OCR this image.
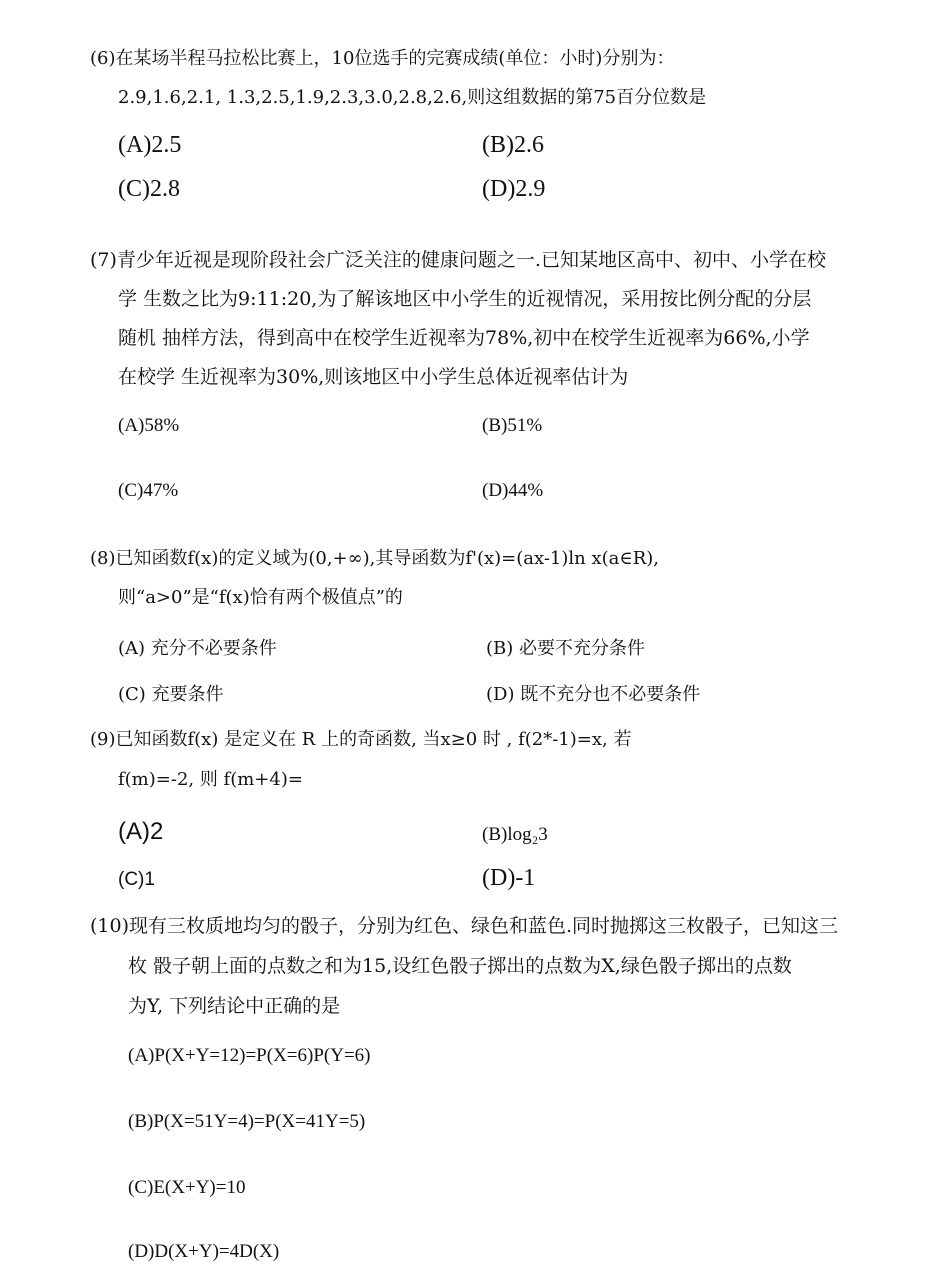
(6)在某场半程马拉松比赛上，10位选手的完赛成绩(单位：小时)分别为：
2.9,1.6,2.1, 1.3,2.5,1.9,2.3,3.0,2.8,2.6,则这组数据的第75百分位数是
(A)2.5	(B)2.6
(C)2.8	(D)2.9
(7)青少年近视是现阶段社会广泛关注的健康问题之一.已知某地区高中、初中、小学在校
学 生数之比为9:11:20,为了解该地区中小学生的近视情况，采用按比例分配的分层
随机 抽样方法，得到高中在校学生近视率为78%,初中在校学生近视率为66%,小学
在校学 生近视率为30%,则该地区中小学生总体近视率估计为
(A)58%	(B)51%
(C)47%	(D)44%
(8)已知函数f(x)的定义域为(0,+∞),其导函数为f'(x)=(ax-1)ln x(a∈R),
则“a>0”是“f(x)恰有两个极值点”的
(A) 充分不必要条件	(B) 必要不充分条件
(C) 充要条件	(D) 既不充分也不必要条件
(9)已知函数f(x) 是定义在 R 上的奇函数, 当x≥0 时 , f(2*-1)=x, 若
f(m)=-2, 则 f(m+4)=
(A)2	(B)log₂3
(C)1	(D)-1
(10)现有三枚质地均匀的骰子，分别为红色、绿色和蓝色.同时抛掷这三枚骰子，已知这三
枚 骰子朝上面的点数之和为15,设红色骰子掷出的点数为X,绿色骰子掷出的点数
为Y, 下列结论中正确的是
(A)P(X+Y=12)=P(X=6)P(Y=6)
(B)P(X=51Y=4)=P(X=41Y=5)
(C)E(X+Y)=10
(D)D(X+Y)=4D(X)
